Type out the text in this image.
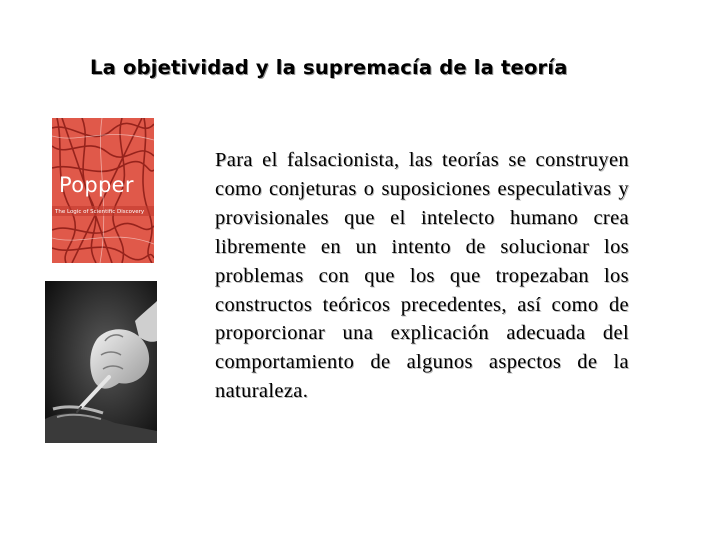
La objetividad y la supremacía de la teoría
Popper
The Logic of Scientific Discovery
Para el falsacionista, las teorías se construyen como conjeturas o suposiciones especulativas y provisionales que el intelecto humano crea libremente en un intento de solucionar los problemas con que los que tropezaban los constructos teóricos precedentes, así como de proporcionar una explicación adecuada del comportamiento de algunos aspectos de la naturaleza.
